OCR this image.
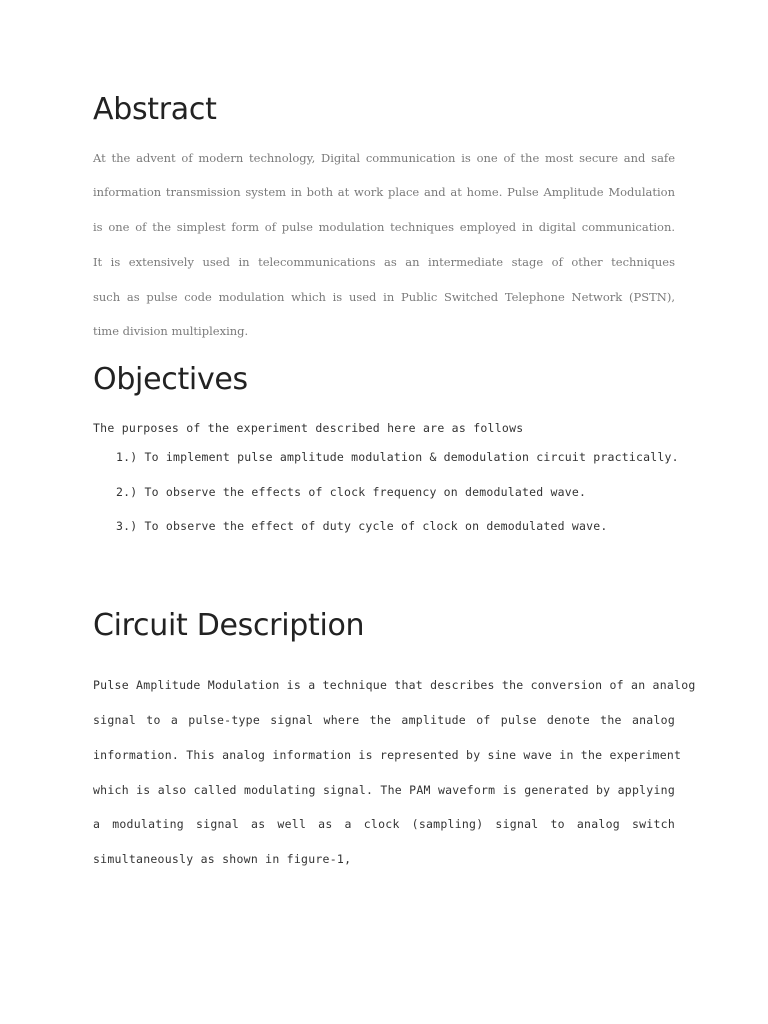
Abstract

At the advent of modern technology, Digital communication is one of the most secure and safe

information transmission system in both at work place and at home. Pulse Amplitude Modulation

is one of the simplest form of pulse modulation techniques employed in digital communication.

It is extensively used in telecommunications as an intermediate stage of other techniques

such as pulse code modulation which is used in Public Switched Telephone Network (PSTN),

time division multiplexing.

Objectives

The purposes of the experiment described here are as follows

1.) To implement pulse amplitude modulation & demodulation circuit practically.

2.) To observe the effects of clock frequency on demodulated wave.

3.) To observe the effect of duty cycle of clock on demodulated wave.

Circuit Description

Pulse Amplitude Modulation is a technique that describes the conversion of an analog

signal to a pulse-type signal where the amplitude of pulse denote the analog

information. This analog information is represented by sine wave in the experiment

which is also called modulating signal. The PAM waveform is generated by applying

a modulating signal as well as a clock (sampling) signal to analog switch

simultaneously as shown in figure-1,
